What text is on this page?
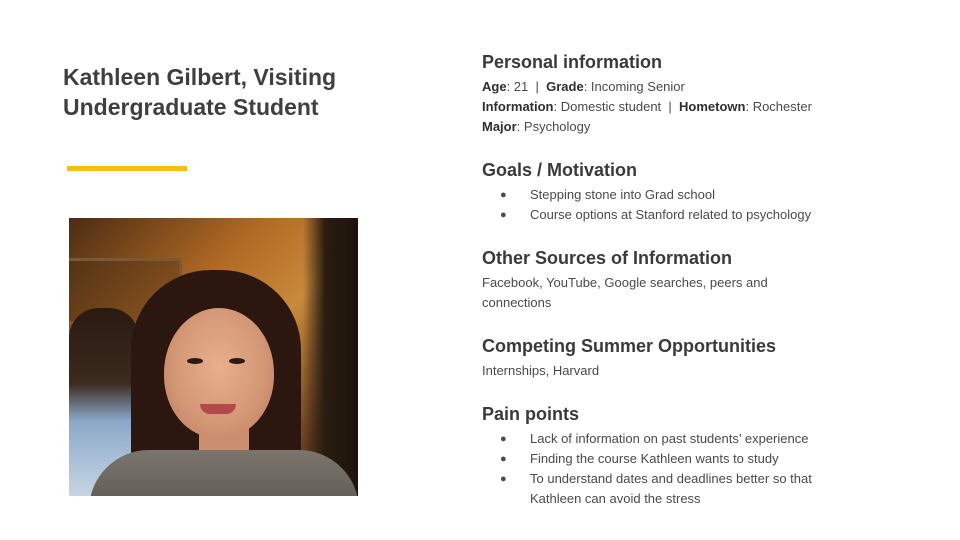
Kathleen Gilbert, Visiting Undergraduate Student
Personal information
Age: 21 | Grade: Incoming Senior
Information: Domestic student | Hometown: Rochester
Major: Psychology
Goals / Motivation
● Stepping stone into Grad school
● Course options at Stanford related to psychology
Other Sources of Information
Facebook, YouTube, Google searches, peers and connections
Competing Summer Opportunities
Internships, Harvard
Pain points
● Lack of information on past students’ experience
● Finding the course Kathleen wants to study
● To understand dates and deadlines better so that Kathleen can avoid the stress
